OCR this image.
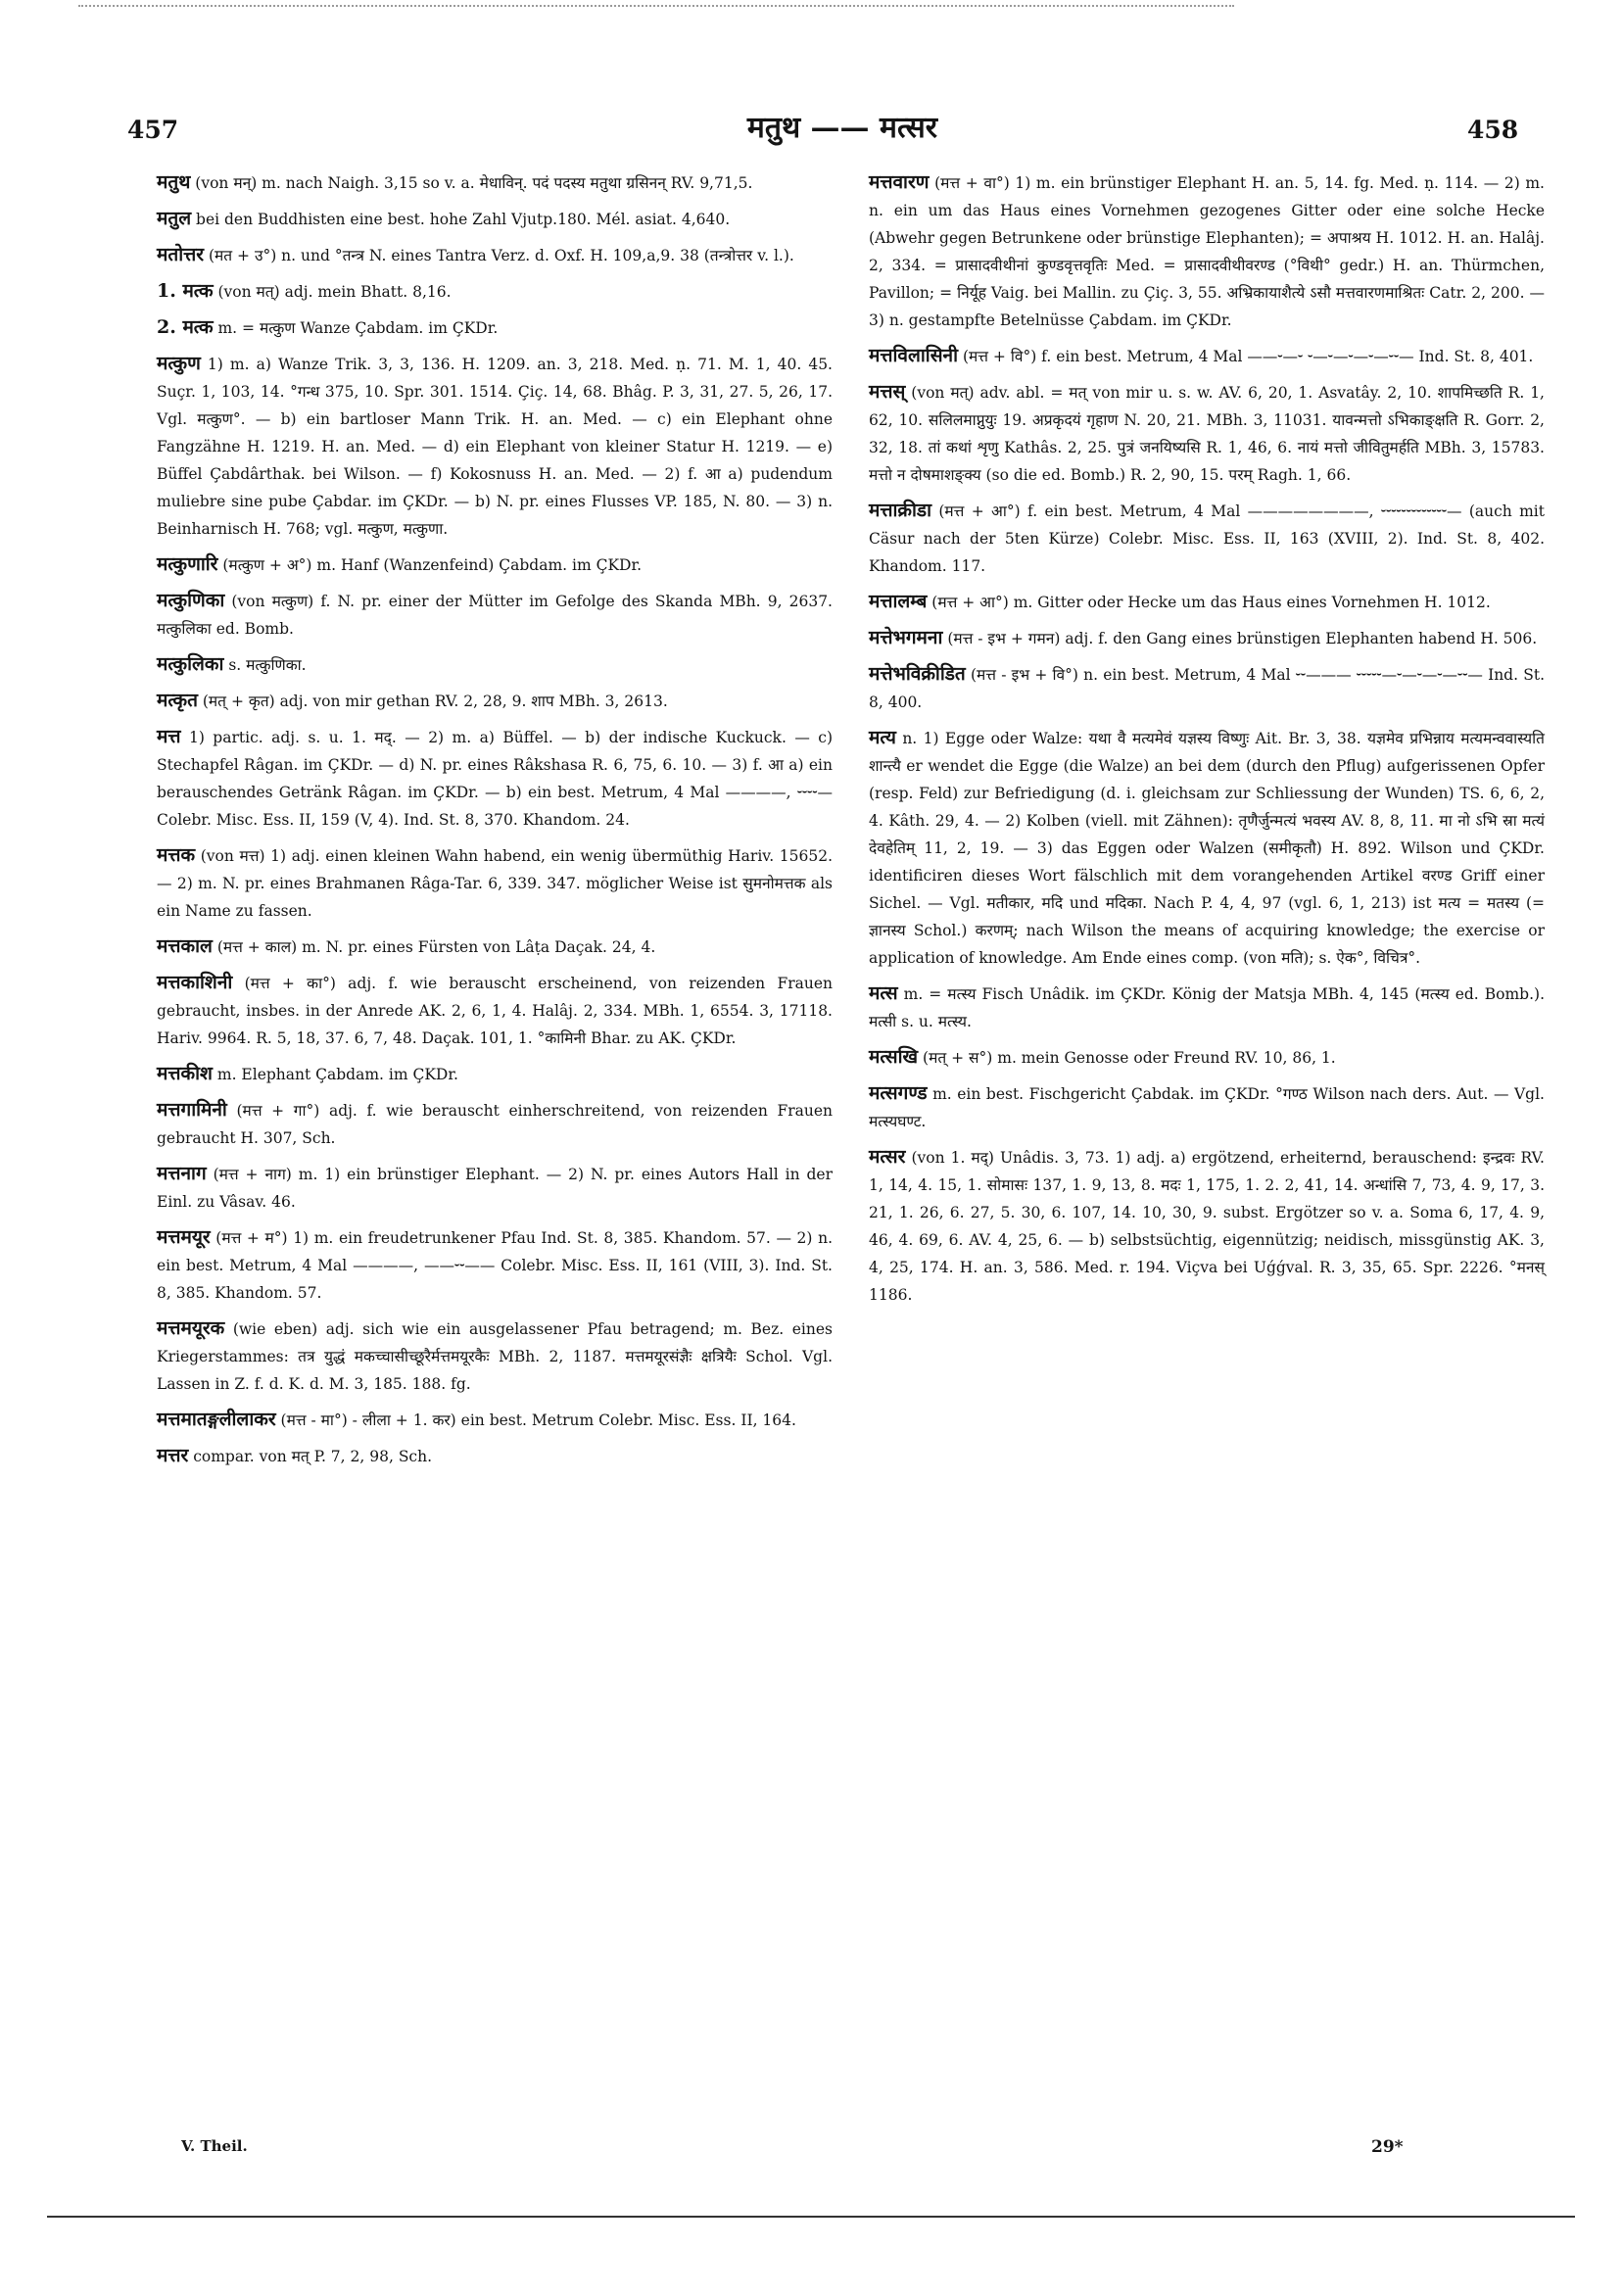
457	मतुथ —— मत्सर	458

मतुथ (von मन्) m. nach Naigh. 3,15 so v. a. मेधाविन्. पदं पदस्य मतुथा ग्रसिनन् RV. 9,71,5.

मतुल bei den Buddhisten eine best. hohe Zahl Vjutp.180. Mél. asiat. 4,640.

मतोत्तर (मत + उ°) n. und °तन्त्र N. eines Tantra Verz. d. Oxf. H. 109,a,9. 38 (तन्त्रोत्तर v. l.).

1. मत्क (von मत्) adj. mein Bhatt. 8,16.

2. मत्क m. = मत्कुण Wanze Çabdam. im ÇKDr.

मत्कुण 1) m. a) Wanze Trik. 3, 3, 136. H. 1209. an. 3, 218. Med. ṇ. 71. M. 1, 40. 45. Suçr. 1, 103, 14. °गन्ध 375, 10. Spr. 301. 1514. Çiç. 14, 68. Bhâg. P. 3, 31, 27. 5, 26, 17. Vgl. मत्कुण°. — b) ein bartloser Mann Trik. H. an. Med. — c) ein Elephant ohne Fangzähne H. 1219. H. an. Med. — d) ein Elephant von kleiner Statur H. 1219. — e) Büffel Çabdârthak. bei Wilson. — f) Kokosnuss H. an. Med. — 2) f. आ a) pudendum muliebre sine pube Çabdar. im ÇKDr. — b) N. pr. eines Flusses VP. 185, N. 80. — 3) n. Beinharnisch H. 768; vgl. मत्कुण, मत्कुणा.

मत्कुणारि (मत्कुण + अ°) m. Hanf (Wanzenfeind) Çabdam. im ÇKDr.

मत्कुणिका (von मत्कुण) f. N. pr. einer der Mütter im Gefolge des Skanda MBh. 9, 2637. मत्कुलिका ed. Bomb.

मत्कुलिका s. मत्कुणिका.

मत्कृत (मत् + कृत) adj. von mir gethan RV. 2, 28, 9. शाप MBh. 3, 2613.

मत्त 1) partic. adj. s. u. 1. मद्. — 2) m. a) Büffel. — b) der indische Kuckuck. — c) Stechapfel Râgan. im ÇKDr. — d) N. pr. eines Râkshasa R. 6, 75, 6. 10. — 3) f. आ a) ein berauschendes Getränk Râgan. im ÇKDr. — b) ein best. Metrum, 4 Mal ————, ⏑⏑⏑⏑— Colebr. Misc. Ess. II, 159 (V, 4). Ind. St. 8, 370. Khandom. 24.

मत्तक (von मत्त) 1) adj. einen kleinen Wahn habend, ein wenig übermüthig Hariv. 15652. — 2) m. N. pr. eines Brahmanen Râga-Tar. 6, 339. 347. möglicher Weise ist सुमनोमत्तक als ein Name zu fassen.

मत्तकाल (मत्त + काल) m. N. pr. eines Fürsten von Lâṭa Daçak. 24, 4.

मत्तकाशिनी (मत्त + का°) adj. f. wie berauscht erscheinend, von reizenden Frauen gebraucht, insbes. in der Anrede AK. 2, 6, 1, 4. Halâj. 2, 334. MBh. 1, 6554. 3, 17118. Hariv. 9964. R. 5, 18, 37. 6, 7, 48. Daçak. 101, 1. °कामिनी Bhar. zu AK. ÇKDr.

मत्तकीश m. Elephant Çabdam. im ÇKDr.

मत्तगामिनी (मत्त + गा°) adj. f. wie berauscht einherschreitend, von reizenden Frauen gebraucht H. 307, Sch.

मत्तनाग (मत्त + नाग) m. 1) ein brünstiger Elephant. — 2) N. pr. eines Autors Hall in der Einl. zu Vâsav. 46.

मत्तमयूर (मत्त + म°) 1) m. ein freudetrunkener Pfau Ind. St. 8, 385. Khandom. 57. — 2) n. ein best. Metrum, 4 Mal ————, ——⏑⏑—— Colebr. Misc. Ess. II, 161 (VIII, 3). Ind. St. 8, 385. Khandom. 57.

मत्तमयूरक (wie eben) adj. sich wie ein ausgelassener Pfau betragend; m. Bez. eines Kriegerstammes: तत्र युद्धं मकच्चासीच्छूरैर्मत्तमयूरकैः MBh. 2, 1187. मत्तमयूरसंज्ञैः क्षत्रियैः Schol. Vgl. Lassen in Z. f. d. K. d. M. 3, 185. 188. fg.

मत्तमातङ्गलीलाकर (मत्त - मा°) - लीला + 1. कर) ein best. Metrum Colebr. Misc. Ess. II, 164.

मत्तर compar. von मत् P. 7, 2, 98, Sch.

मत्तवारण (मत्त + वा°) 1) m. ein brünstiger Elephant H. an. 5, 14. fg. Med. ṇ. 114. — 2) m. n. ein um das Haus eines Vornehmen gezogenes Gitter oder eine solche Hecke (Abwehr gegen Betrunkene oder brünstige Elephanten); = अपाश्रय H. 1012. H. an. Halâj. 2, 334. = प्रासादवीथीनां कुण्डवृत्तवृतिः Med. = प्रासादवीथीवरण्ड (°विथी° gedr.) H. an. Thürmchen, Pavillon; = निर्यूह Vaig. bei Mallin. zu Çiç. 3, 55. अभ्रिकायाशैत्ये ऽसौ मत्तवारणमाश्रितः Catr. 2, 200. — 3) n. gestampfte Betelnüsse Çabdam. im ÇKDr.

मत्तविलासिनी (मत्त + वि°) f. ein best. Metrum, 4 Mal ——⏑—⏑ ⏑—⏑—⏑—⏑—⏑⏑— Ind. St. 8, 401.

मत्तस् (von मत्) adv. abl. = मत् von mir u. s. w. AV. 6, 20, 1. Asvatây. 2, 10. शापमिच्छति R. 1, 62, 10. सलिलमाप्नुयुः 19. अप्रकृदयं गृहाण N. 20, 21. MBh. 3, 11031. यावन्मत्तो ऽभिकाङ्क्षति R. Gorr. 2, 32, 18. तां कथां शृणु Kathâs. 2, 25. पुत्रं जनयिष्यसि R. 1, 46, 6. नायं मत्तो जीवितुमर्हति MBh. 3, 15783. मत्तो न दोषमाशङ्क्य (so die ed. Bomb.) R. 2, 90, 15. परम् Ragh. 1, 66.

मत्ताक्रीडा (मत्त + आ°) f. ein best. Metrum, 4 Mal ————————, ⏑⏑⏑⏑⏑⏑⏑⏑⏑⏑⏑⏑⏑— (auch mit Cäsur nach der 5ten Kürze) Colebr. Misc. Ess. II, 163 (XVIII, 2). Ind. St. 8, 402. Khandom. 117.

मत्तालम्ब (मत्त + आ°) m. Gitter oder Hecke um das Haus eines Vornehmen H. 1012.

मत्तेभगमना (मत्त - इभ + गमन) adj. f. den Gang eines brünstigen Elephanten habend H. 506.

मत्तेभविक्रीडित (मत्त - इभ + वि°) n. ein best. Metrum, 4 Mal ⏑⏑——— ⏑⏑⏑⏑⏑—⏑—⏑—⏑—⏑⏑— Ind. St. 8, 400.

मत्य n. 1) Egge oder Walze: यथा वै मत्यमेवं यज्ञस्य विष्णुः Ait. Br. 3, 38. यज्ञमेव प्रभिन्नाय मत्यमन्ववास्यति शान्त्यै er wendet die Egge (die Walze) an bei dem (durch den Pflug) aufgerissenen Opfer (resp. Feld) zur Befriedigung (d. i. gleichsam zur Schliessung der Wunden) TS. 6, 6, 2, 4. Kâth. 29, 4. — 2) Kolben (viell. mit Zähnen): तृणैर्जुन्मत्यं भवस्य AV. 8, 8, 11. मा नो ऽभि स्रा मत्यं देवहेतिम् 11, 2, 19. — 3) das Eggen oder Walzen (समीकृतौ) H. 892. Wilson und ÇKDr. identificiren dieses Wort fälschlich mit dem vorangehenden Artikel वरण्ड Griff einer Sichel. — Vgl. मतीकार, मदि und मदिका. Nach P. 4, 4, 97 (vgl. 6, 1, 213) ist मत्य = मतस्य (= ज्ञानस्य Schol.) करणम्; nach Wilson the means of acquiring knowledge; the exercise or application of knowledge. Am Ende eines comp. (von मति); s. ऐक°, विचित्र°.

मत्स m. = मत्स्य Fisch Unâdik. im ÇKDr. König der Matsja MBh. 4, 145 (मत्स्य ed. Bomb.). मत्सी s. u. मत्स्य.

मत्सखि (मत् + स°) m. mein Genosse oder Freund RV. 10, 86, 1.

मत्सगण्ड m. ein best. Fischgericht Çabdak. im ÇKDr. °गण्ठ Wilson nach ders. Aut. — Vgl. मत्स्यघण्ट.

मत्सर (von 1. मद्) Unâdis. 3, 73. 1) adj. a) ergötzend, erheiternd, berauschend: इन्द्रवः RV. 1, 14, 4. 15, 1. सोमासः 137, 1. 9, 13, 8. मदः 1, 175, 1. 2. 2, 41, 14. अन्धांसि 7, 73, 4. 9, 17, 3. 21, 1. 26, 6. 27, 5. 30, 6. 107, 14. 10, 30, 9. subst. Ergötzer so v. a. Soma 6, 17, 4. 9, 46, 4. 69, 6. AV. 4, 25, 6. — b) selbstsüchtig, eigennützig; neidisch, missgünstig AK. 3, 4, 25, 174. H. an. 3, 586. Med. r. 194. Viçva bei Uǵǵval. R. 3, 35, 65. Spr. 2226. °मनस् 1186.

V. Theil.	29*
